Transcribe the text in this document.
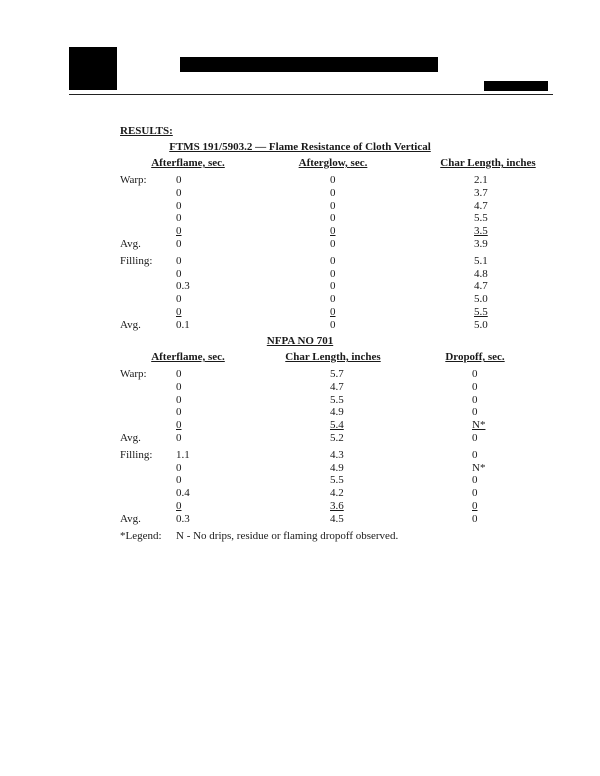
RESULTS:
FTMS 191/5903.2 — Flame Resistance of Cloth Vertical
Afterflame, sec.	Afterglow, sec.	Char Length, inches
Warp:	0	0	2.1
0	0	3.7
0	0	4.7
0	0	5.5
0	0	3.5
Avg.	0	0	3.9
Filling: 0	0	5.1
0	0	4.8
0.3	0	4.7
0	0	5.0
0	0	5.5
Avg.	0.1	0	5.0
NFPA NO 701
Afterflame, sec.	Char Length, inches	Dropoff, sec.
Warp:	0	5.7	0
0	4.7	0
0	5.5	0
0	4.9	0
0	5.4	N*
Avg.	0	5.2	0
Filling: 1.1	4.3	0
0	4.9	N*
0	5.5	0
0.4	4.2	0
0	3.6	0
Avg.	0.3	4.5	0
*Legend: N - No drips, residue or flaming dropoff observed.
